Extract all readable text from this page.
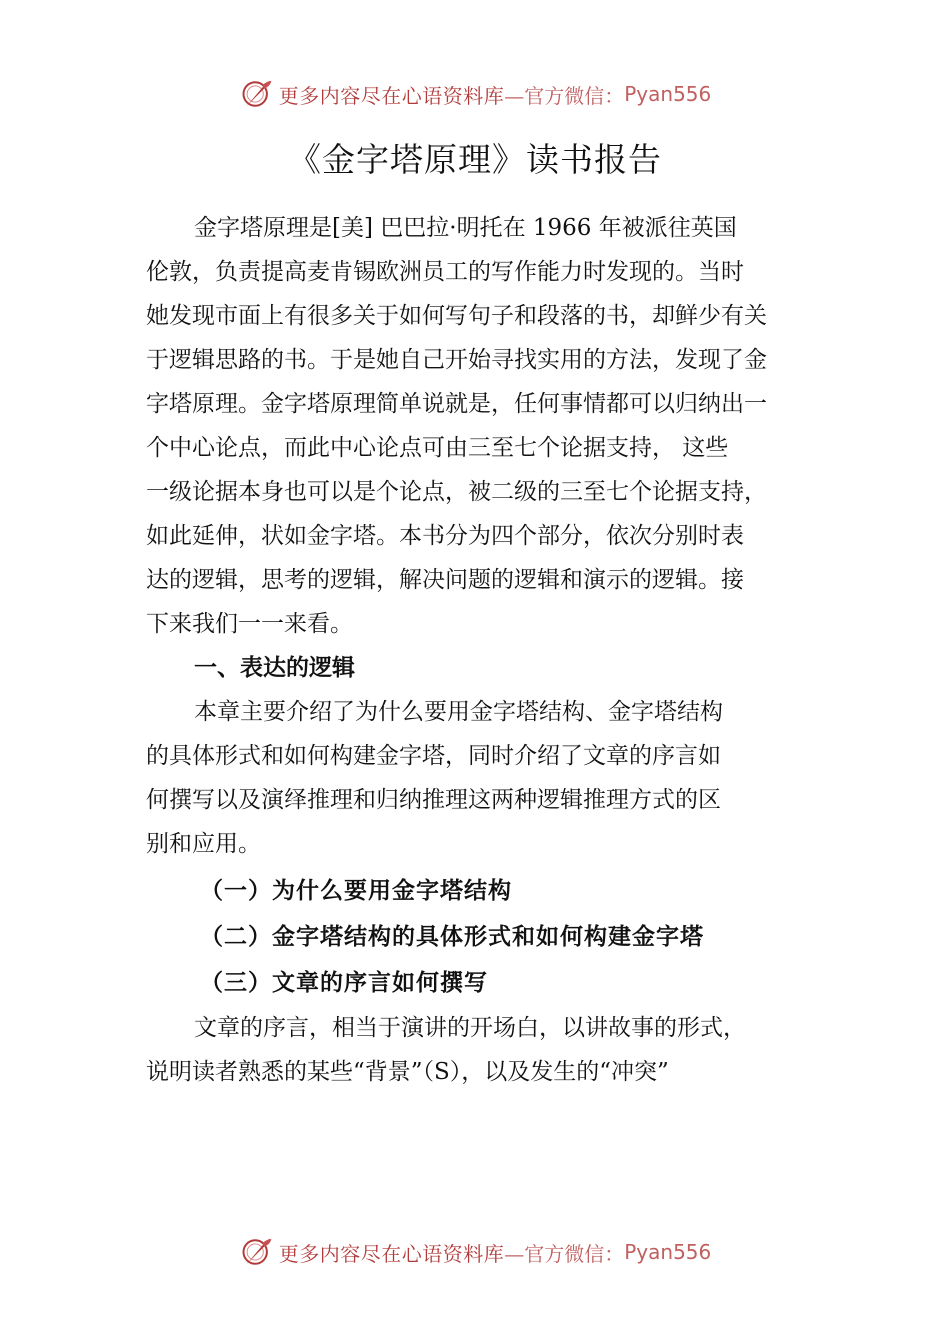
更多内容尽在心语资料库 —官方微信： Pyan556
《金字塔原理》读书报告
金字塔原理是[美] 巴巴拉·明托在 1966 年被派往英国
伦敦，负责提高麦肯锡欧洲员工的写作能力时发现的。当时
她发现市面上有很多关于如何写句子和段落的书，却鲜少有关
于逻辑思路的书。于是她自己开始寻找实用的方法，发现了金
字塔原理。金字塔原理简单说就是，任何事情都可以归纳出一
个中心论点，而此中心论点可由三至七个论据支持， 这些
一级论据本身也可以是个论点，被二级的三至七个论据支持，
如此延伸，状如金字塔。本书分为四个部分，依次分别时表
达的逻辑，思考的逻辑，解决问题的逻辑和演示的逻辑。接
下来我们一一来看。
一、表达的逻辑
本章主要介绍了为什么要用金字塔结构、金字塔结构
的具体形式和如何构建金字塔，同时介绍了文章的序言如
何撰写以及演绎推理和归纳推理这两种逻辑推理方式的区
别和应用。
（一）为什么要用金字塔结构
（二）金字塔结构的具体形式和如何构建金字塔
（三）文章的序言如何撰写
文章的序言，相当于演讲的开场白，以讲故事的形式，
说明读者熟悉的某些“背景”（S），以及发生的“冲突”
更多内容尽在心语资料库 —官方微信： Pyan556
